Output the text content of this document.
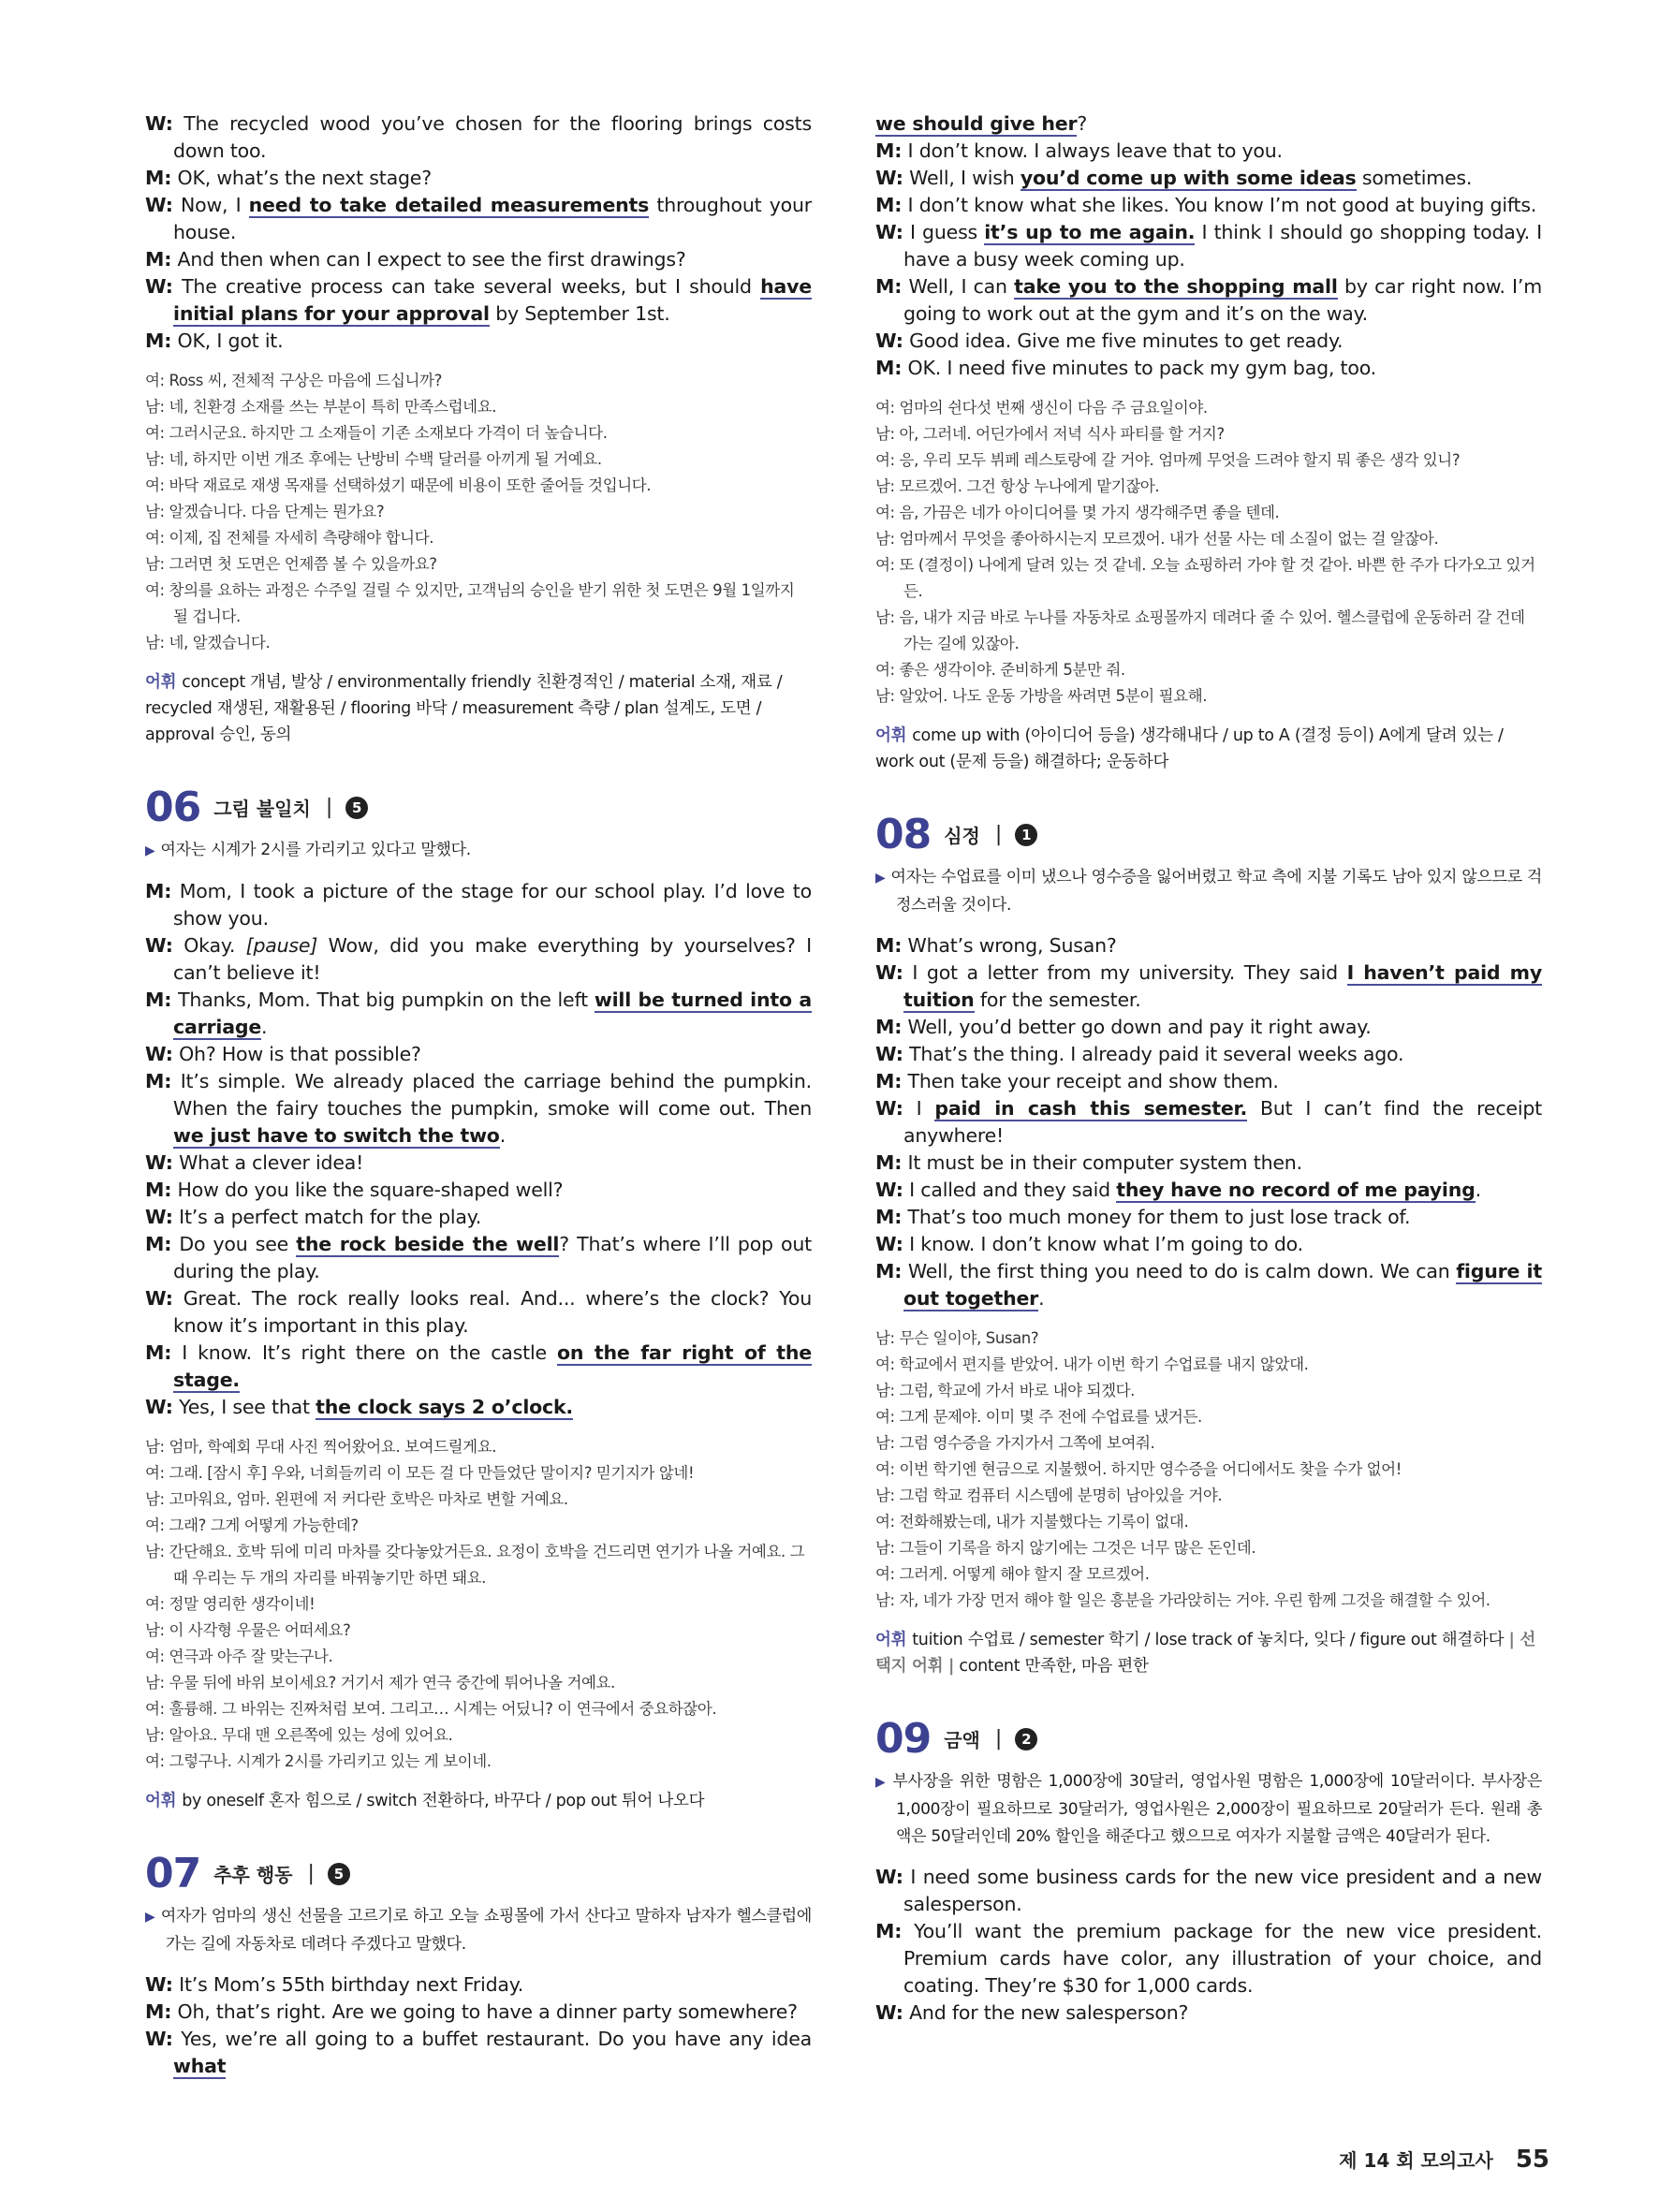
W: The recycled wood you’ve chosen for the flooring brings costs down too.
M: OK, what’s the next stage?
W: Now, I need to take detailed measurements throughout your house.
M: And then when can I expect to see the first drawings?
W: The creative process can take several weeks, but I should have initial plans for your approval by September 1st.
M: OK, I got it.
여: Ross 씨, 전체적 구상은 마음에 드십니까?
남: 네, 친환경 소재를 쓰는 부분이 특히 만족스럽네요.
여: 그러시군요. 하지만 그 소재들이 기존 소재보다 가격이 더 높습니다.
남: 네, 하지만 이번 개조 후에는 난방비 수백 달러를 아끼게 될 거예요.
여: 바닥 재료로 재생 목재를 선택하셨기 때문에 비용이 또한 줄어들 것입니다.
남: 알겠습니다. 다음 단계는 뭔가요?
여: 이제, 집 전체를 자세히 측량해야 합니다.
남: 그러면 첫 도면은 언제쯤 볼 수 있을까요?
여: 창의를 요하는 과정은 수주일 걸릴 수 있지만, 고객님의 승인을 받기 위한 첫 도면은 9월 1일까지 될 겁니다.
남: 네, 알겠습니다.
어휘 concept 개념, 발상 / environmentally friendly 친환경적인 / material 소재, 재료 / recycled 재생된, 재활용된 / flooring 바닥 / measurement 측량 / plan 설계도, 도면 / approval 승인, 동의
06 그림 불일치 |	5
▶ 여자는 시계가 2시를 가리키고 있다고 말했다.
M: Mom, I took a picture of the stage for our school play. I’d love to show you.
W: Okay. [pause] Wow, did you make everything by yourselves? I can’t believe it!
M: Thanks, Mom. That big pumpkin on the left will be turned into a carriage.
W: Oh? How is that possible?
M: It’s simple. We already placed the carriage behind the pumpkin. When the fairy touches the pumpkin, smoke will come out. Then we just have to switch the two.
W: What a clever idea!
M: How do you like the square-shaped well?
W: It’s a perfect match for the play.
M: Do you see the rock beside the well? That’s where I’ll pop out during the play.
W: Great. The rock really looks real. And... where’s the clock? You know it’s important in this play.
M: I know. It’s right there on the castle on the far right of the stage.
W: Yes, I see that the clock says 2 o’clock.
남: 엄마, 학예회 무대 사진 찍어왔어요. 보여드릴게요.
여: 그래. [잠시 후] 우와, 너희들끼리 이 모든 걸 다 만들었단 말이지? 믿기지가 않네!
남: 고마워요, 엄마. 왼편에 저 커다란 호박은 마차로 변할 거예요.
여: 그래? 그게 어떻게 가능한데?
남: 간단해요. 호박 뒤에 미리 마차를 갖다놓았거든요. 요정이 호박을 건드리면 연기가 나올 거예요. 그때 우리는 두 개의 자리를 바꿔놓기만 하면 돼요.
여: 정말 영리한 생각이네!
남: 이 사각형 우물은 어떠세요?
여: 연극과 아주 잘 맞는구나.
남: 우물 뒤에 바위 보이세요? 거기서 제가 연극 중간에 튀어나올 거예요.
여: 훌륭해. 그 바위는 진짜처럼 보여. 그리고… 시계는 어딨니? 이 연극에서 중요하잖아.
남: 알아요. 무대 맨 오른쪽에 있는 성에 있어요.
여: 그렇구나. 시계가 2시를 가리키고 있는 게 보이네.
어휘 by oneself 혼자 힘으로 / switch 전환하다, 바꾸다 / pop out 튀어 나오다
07 추후 행동 |	5
▶ 여자가 엄마의 생신 선물을 고르기로 하고 오늘 쇼핑몰에 가서 산다고 말하자 남자가 헬스클럽에 가는 길에 자동차로 데려다 주겠다고 말했다.
W: It’s Mom’s 55th birthday next Friday.
M: Oh, that’s right. Are we going to have a dinner party somewhere?
W: Yes, we’re all going to a buffet restaurant. Do you have any idea what
we should give her?
M: I don’t know. I always leave that to you.
W: Well, I wish you’d come up with some ideas sometimes.
M: I don’t know what she likes. You know I’m not good at buying gifts.
W: I guess it’s up to me again. I think I should go shopping today. I have a busy week coming up.
M: Well, I can take you to the shopping mall by car right now. I’m going to work out at the gym and it’s on the way.
W: Good idea. Give me five minutes to get ready.
M: OK. I need five minutes to pack my gym bag, too.
여: 엄마의 쉰다섯 번째 생신이 다음 주 금요일이야.
남: 아, 그러네. 어딘가에서 저녁 식사 파티를 할 거지?
여: 응, 우리 모두 뷔페 레스토랑에 갈 거야. 엄마께 무엇을 드려야 할지 뭐 좋은 생각 있니?
남: 모르겠어. 그건 항상 누나에게 맡기잖아.
여: 음, 가끔은 네가 아이디어를 몇 가지 생각해주면 좋을 텐데.
남: 엄마께서 무엇을 좋아하시는지 모르겠어. 내가 선물 사는 데 소질이 없는 걸 알잖아.
여: 또 (결정이) 나에게 달려 있는 것 같네. 오늘 쇼핑하러 가야 할 것 같아. 바쁜 한 주가 다가오고 있거든.
남: 음, 내가 지금 바로 누나를 자동차로 쇼핑몰까지 데려다 줄 수 있어. 헬스클럽에 운동하러 갈 건데 가는 길에 있잖아.
여: 좋은 생각이야. 준비하게 5분만 줘.
남: 알았어. 나도 운동 가방을 싸려면 5분이 필요해.
어휘 come up with (아이디어 등을) 생각해내다 / up to A (결정 등이) A에게 달려 있는 / work out (문제 등을) 해결하다; 운동하다
08 심정 |	1
▶ 여자는 수업료를 이미 냈으나 영수증을 잃어버렸고 학교 측에 지불 기록도 남아 있지 않으므로 걱정스러울 것이다.
M: What’s wrong, Susan?
W: I got a letter from my university. They said I haven’t paid my tuition for the semester.
M: Well, you’d better go down and pay it right away.
W: That’s the thing. I already paid it several weeks ago.
M: Then take your receipt and show them.
W: I paid in cash this semester. But I can’t find the receipt anywhere!
M: It must be in their computer system then.
W: I called and they said they have no record of me paying.
M: That’s too much money for them to just lose track of.
W: I know. I don’t know what I’m going to do.
M: Well, the first thing you need to do is calm down. We can figure it out together.
남: 무슨 일이야, Susan?
여: 학교에서 편지를 받았어. 내가 이번 학기 수업료를 내지 않았대.
남: 그럼, 학교에 가서 바로 내야 되겠다.
여: 그게 문제야. 이미 몇 주 전에 수업료를 냈거든.
남: 그럼 영수증을 가지가서 그쪽에 보여줘.
여: 이번 학기엔 현금으로 지불했어. 하지만 영수증을 어디에서도 찾을 수가 없어!
남: 그럼 학교 컴퓨터 시스템에 분명히 남아있을 거야.
여: 전화해봤는데, 내가 지불했다는 기록이 없대.
남: 그들이 기록을 하지 않기에는 그것은 너무 많은 돈인데.
여: 그러게. 어떻게 해야 할지 잘 모르겠어.
남: 자, 네가 가장 먼저 해야 할 일은 흥분을 가라앉히는 거야. 우린 함께 그것을 해결할 수 있어.
어휘 tuition 수업료 / semester 학기 / lose track of 놓치다, 잊다 / figure out 해결하다 | 선택지 어휘 | content 만족한, 마음 편한
09 금액 |	2
▶ 부사장을 위한 명함은 1,000장에 30달러, 영업사원 명함은 1,000장에 10달러이다. 부사장은 1,000장이 필요하므로 30달러가, 영업사원은 2,000장이 필요하므로 20달러가 든다. 원래 총액은 50달러인데 20% 할인을 해준다고 했으므로 여자가 지불할 금액은 40달러가 된다.
W: I need some business cards for the new vice president and a new salesperson.
M: You’ll want the premium package for the new vice president. Premium cards have color, any illustration of your choice, and coating. They’re $30 for 1,000 cards.
W: And for the new salesperson?
제 14 회 모의고사 55
